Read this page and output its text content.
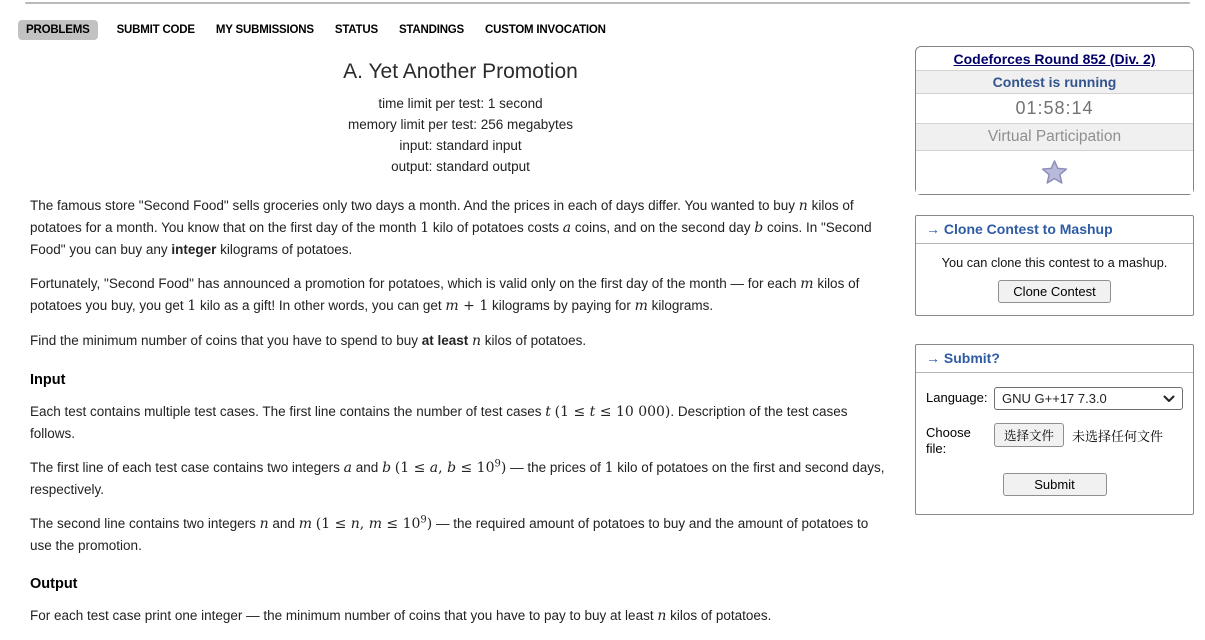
PROBLEMS	SUBMIT CODE MY SUBMISSIONS STATUS STANDINGS CUSTOM INVOCATION
A. Yet Another Promotion
time limit per test: 1 second
memory limit per test: 256 megabytes
input: standard input
output: standard output
The famous store "Second Food" sells groceries only two days a month. And the prices in each of days differ. You wanted to buy n kilos of potatoes for a month. You know that on the first day of the month 1 kilo of potatoes costs a coins, and on the second day b coins. In "Second Food" you can buy any integer kilograms of potatoes.
Fortunately, "Second Food" has announced a promotion for potatoes, which is valid only on the first day of the month — for each m kilos of potatoes you buy, you get 1 kilo as a gift! In other words, you can get m + 1 kilograms by paying for m kilograms.
Find the minimum number of coins that you have to spend to buy at least n kilos of potatoes.
Input
Each test contains multiple test cases. The first line contains the number of test cases t (1 ≤ t ≤ 10 000). Description of the test cases follows.
The first line of each test case contains two integers a and b (1 ≤ a, $b \le 10^9$) — the prices of 1 kilo of potatoes on the first and second days, respectively.
The second line contains two integers n and m (1 ≤ n, $m \le 10^9$) — the required amount of potatoes to buy and the amount of potatoes to use the promotion.
Output
For each test case print one integer — the minimum number of coins that you have to pay to buy at least n kilos of potatoes.
Codeforces Round 852 (Div. 2)
Contest is running
01:58:14
Virtual Participation
→ Clone Contest to Mashup
You can clone this contest to a mashup.
Clone Contest
→ Submit?
Language:	GNU G++17 7.3.0
Choose file:
选择文件	未选择任何文件
Submit
